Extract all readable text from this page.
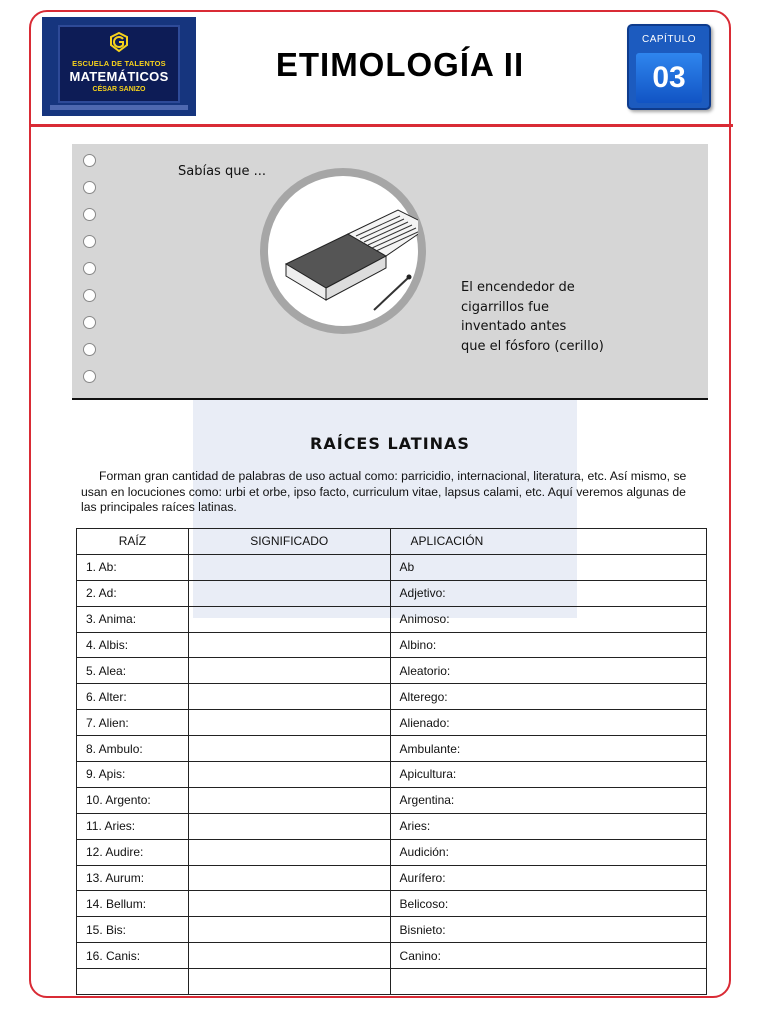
ESCUELA DE TALENTOS
MATEMÁTICOS
CÉSAR SANIZO
ETIMOLOGÍA II
CAPÍTULO
03
Sabías que ...
El encendedor de
cigarrillos fue
inventado antes
que el fósforo (cerillo)
RAÍCES LATINAS
Forman gran cantidad de palabras de uso actual como: parricidio, internacional, literatura, etc. Así mismo, se usan en locuciones como: urbi et orbe, ipso facto, curriculum vitae, lapsus calami, etc. Aquí veremos algunas de las principales raíces latinas.
RAÍZ	SIGNIFICADO	APLICACIÓN
1. Ab:		Ab
2. Ad:		Adjetivo:
3. Anima:		Animoso:
4. Albis:		Albino:
5. Alea:		Aleatorio:
6. Alter:		Alterego:
7. Alien:		Alienado:
8. Ambulo:		Ambulante:
9. Apis:		Apicultura:
10. Argento:		Argentina:
11. Aries:		Aries:
12. Audire:		Audición:
13. Aurum:		Aurífero:
14. Bellum:		Belicoso:
15. Bis:		Bisnieto:
16. Canis:		Canino:
